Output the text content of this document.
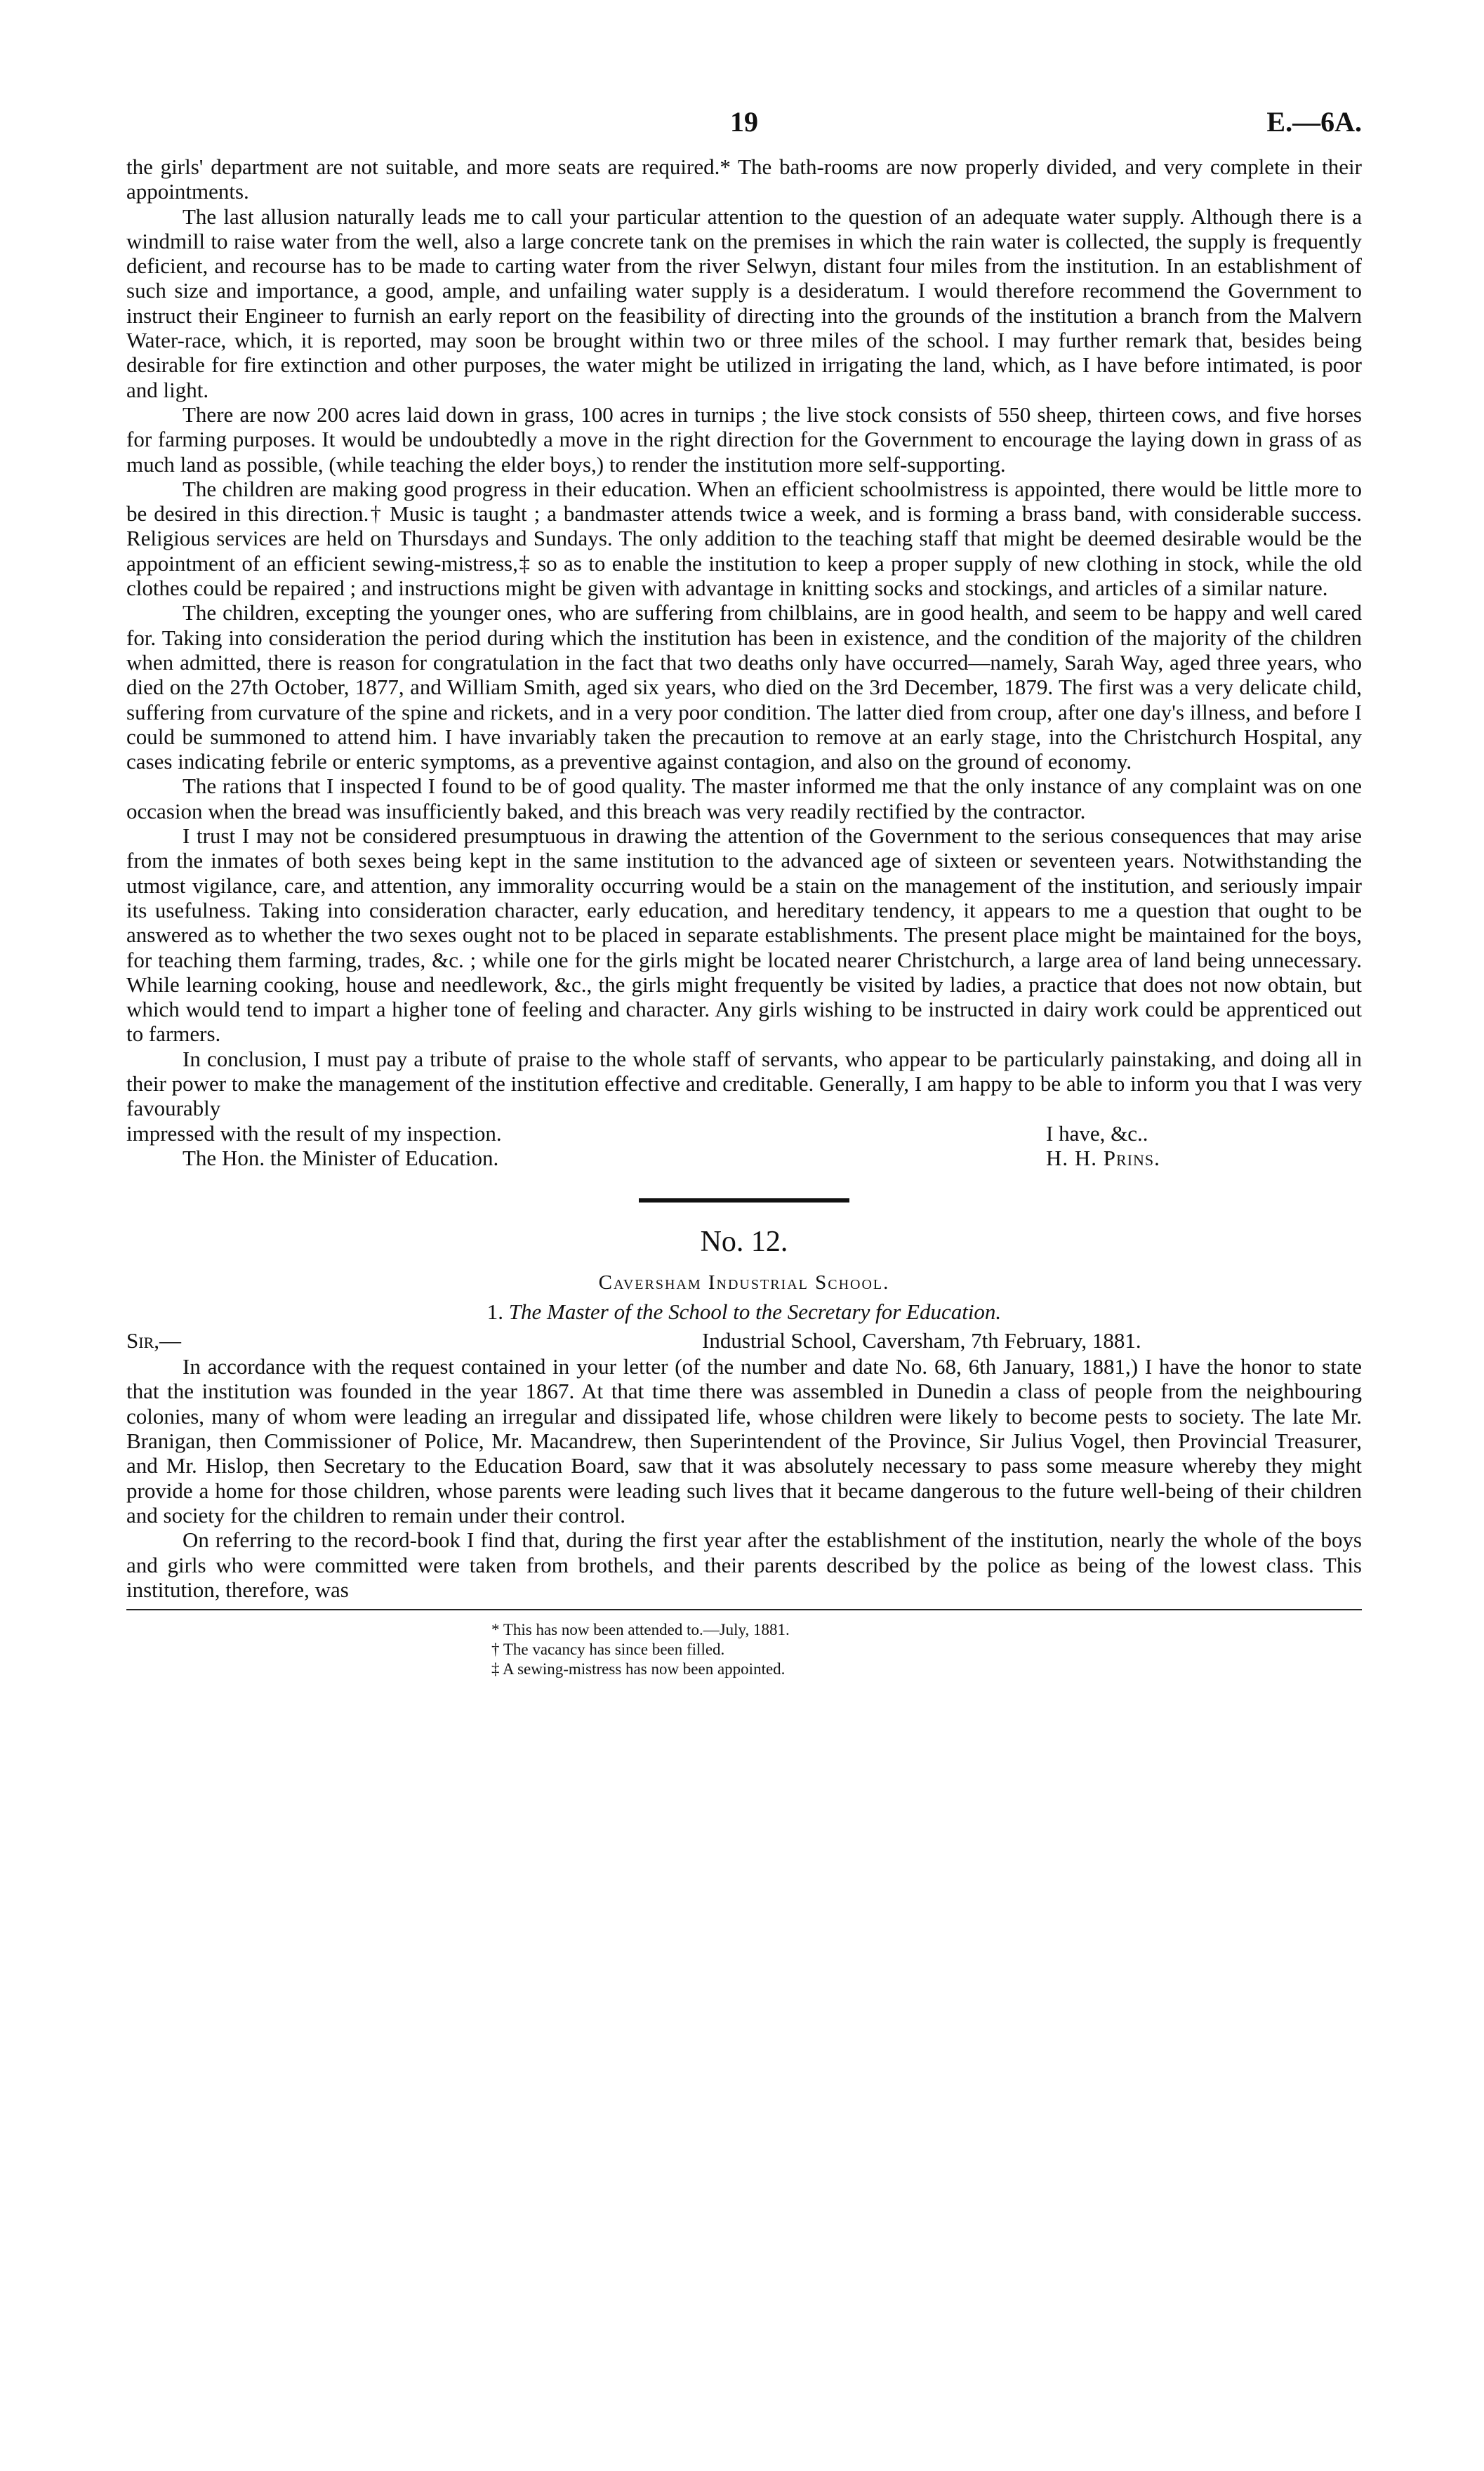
19	E.—6A.

the girls' department are not suitable, and more seats are required.* The bath-rooms are now properly divided, and very complete in their appointments.

The last allusion naturally leads me to call your particular attention to the question of an adequate water supply. Although there is a windmill to raise water from the well, also a large concrete tank on the premises in which the rain water is collected, the supply is frequently deficient, and recourse has to be made to carting water from the river Selwyn, distant four miles from the institution. In an establishment of such size and importance, a good, ample, and unfailing water supply is a desideratum. I would therefore recommend the Government to instruct their Engineer to furnish an early report on the feasibility of directing into the grounds of the institution a branch from the Malvern Water-race, which, it is reported, may soon be brought within two or three miles of the school. I may further remark that, besides being desirable for fire extinction and other purposes, the water might be utilized in irrigating the land, which, as I have before intimated, is poor and light.

There are now 200 acres laid down in grass, 100 acres in turnips ; the live stock consists of 550 sheep, thirteen cows, and five horses for farming purposes. It would be undoubtedly a move in the right direction for the Government to encourage the laying down in grass of as much land as possible, (while teaching the elder boys,) to render the institution more self-supporting.

The children are making good progress in their education. When an efficient schoolmistress is appointed, there would be little more to be desired in this direction.† Music is taught ; a bandmaster attends twice a week, and is forming a brass band, with considerable success. Religious services are held on Thursdays and Sundays. The only addition to the teaching staff that might be deemed desirable would be the appointment of an efficient sewing-mistress,‡ so as to enable the institution to keep a proper supply of new clothing in stock, while the old clothes could be repaired ; and instructions might be given with advantage in knitting socks and stockings, and articles of a similar nature.

The children, excepting the younger ones, who are suffering from chilblains, are in good health, and seem to be happy and well cared for. Taking into consideration the period during which the institution has been in existence, and the condition of the majority of the children when admitted, there is reason for congratulation in the fact that two deaths only have occurred—namely, Sarah Way, aged three years, who died on the 27th October, 1877, and William Smith, aged six years, who died on the 3rd December, 1879. The first was a very delicate child, suffering from curvature of the spine and rickets, and in a very poor condition. The latter died from croup, after one day's illness, and before I could be summoned to attend him. I have invariably taken the precaution to remove at an early stage, into the Christchurch Hospital, any cases indicating febrile or enteric symptoms, as a preventive against contagion, and also on the ground of economy.

The rations that I inspected I found to be of good quality. The master informed me that the only instance of any complaint was on one occasion when the bread was insufficiently baked, and this breach was very readily rectified by the contractor.

I trust I may not be considered presumptuous in drawing the attention of the Government to the serious consequences that may arise from the inmates of both sexes being kept in the same institution to the advanced age of sixteen or seventeen years. Notwithstanding the utmost vigilance, care, and attention, any immorality occurring would be a stain on the management of the institution, and seriously impair its usefulness. Taking into consideration character, early education, and hereditary tendency, it appears to me a question that ought to be answered as to whether the two sexes ought not to be placed in separate establishments. The present place might be maintained for the boys, for teaching them farming, trades, &c. ; while one for the girls might be located nearer Christchurch, a large area of land being unnecessary. While learning cooking, house and needlework, &c., the girls might frequently be visited by ladies, a practice that does not now obtain, but which would tend to impart a higher tone of feeling and character. Any girls wishing to be instructed in dairy work could be apprenticed out to farmers.

In conclusion, I must pay a tribute of praise to the whole staff of servants, who appear to be particularly painstaking, and doing all in their power to make the management of the institution effective and creditable. Generally, I am happy to be able to inform you that I was very favourably

impressed with the result of my inspection.	I have, &c..
The Hon. the Minister of Education.	H. H. Prins.
No. 12.
Caversham Industrial School.
1. The Master of the School to the Secretary for Education.
Sir,—	Industrial School, Caversham, 7th February, 1881.

In accordance with the request contained in your letter (of the number and date No. 68, 6th January, 1881,) I have the honor to state that the institution was founded in the year 1867. At that time there was assembled in Dunedin a class of people from the neighbouring colonies, many of whom were leading an irregular and dissipated life, whose children were likely to become pests to society. The late Mr. Branigan, then Commissioner of Police, Mr. Macandrew, then Superintendent of the Province, Sir Julius Vogel, then Provincial Treasurer, and Mr. Hislop, then Secretary to the Education Board, saw that it was absolutely necessary to pass some measure whereby they might provide a home for those children, whose parents were leading such lives that it became dangerous to the future well-being of their children and society for the children to remain under their control.

On referring to the record-book I find that, during the first year after the establishment of the institution, nearly the whole of the boys and girls who were committed were taken from brothels, and their parents described by the police as being of the lowest class. This institution, therefore, was

* This has now been attended to.—July, 1881.
† The vacancy has since been filled.
‡ A sewing-mistress has now been appointed.
